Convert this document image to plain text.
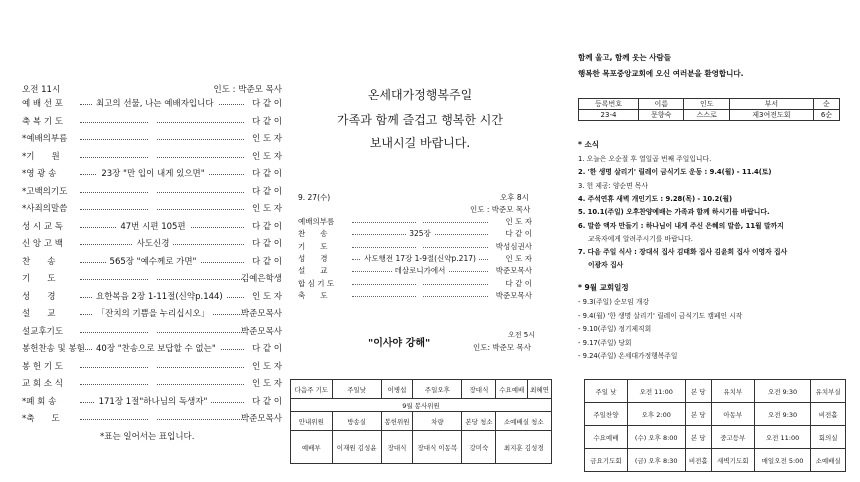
오전 11시	인도 : 박준모 목사
예 배 선 포	최고의 선물, 나는 예배자입니다	다 같 이
축 복 기 도	다 같 이
*예배의부름	인 도 자
*기　　원	인 도 자
*영 광 송	23장 "만 입이 내게 있으면"	다 같 이
*고백의기도	다 같 이
*사죄의말씀	인 도 자
성 시 교 독	47번 시편 105편	다 같 이
신 앙 고 백	사도신경	다 같 이
찬　　송	565장 "예수께로 가면"	다 같 이
기　　도	김예은학생
성　　경	요한복음 2장 1-11절(신약p.144)	인 도 자
설　　교	「잔치의 기쁨을 누리십시오」	박준모목사
설교후기도	박준모목사
봉헌찬송 및 봉헌	40장 "찬송으로 보답할 수 없는"	다 같 이
봉 헌 기 도	인 도 자
교 회 소 식	인 도 자
*폐 회 송	171장 1절"하나님의 독생자"	다 같 이
*축　　도	박준모목사
*표는 일어서는 표입니다.
온세대가정행복주일
가족과 함께 즐겁고 행복한 시간
보내시길 바랍니다.
9. 27(수)	오후 8시
인도 : 박준모 목사
예배의부름	인 도 자
찬　　송	325장	다 같 이
기　　도	박성심권사
성　　경	사도행전 17장 1-9절(신약p.217)	인 도 자
설　　교	데살로니가에서	박준모목사
합 심 기 도	다 같 이
축　　도	박준모목사
"이사야 강해"
오전 5시
인도: 박준모 목사
다음주 기도	주일낮	이병섭	주일오후	장대식	수요예배	최혜연
9월 봉사위원						
안내위원	방송실	봉헌위원	차량	본당 청소	소예배실 청소	
예배부	이재원 김성윤	장대식	장대식 이동복	강미숙	최지훈 김성경	
함께 울고, 함께 웃는 사람들
행복한 목포중앙교회에 오신 여러분을 환영합니다.
등록번호	이름	인도	부서	순
23-4	문향숙	스스로	제3여전도회	6순
* 소식
1. 오늘은 오순절 후 열일곱 번째 주일입니다.
2. '한 생명 살리기' 릴레이 금식기도 운동 : 9.4(월) - 11.4(토)
3. 헌 제공: 양순면 목사
4. 주석연휴 새벽 개인기도 : 9.28(목) - 10.2(월)
5. 10.1(주일) 오후찬양예배는 가족과 함께 하시기를 바랍니다.
6. 말씀 액자 만들기 : 하나님이 내게 주신 은혜의 말씀, 11월 말까지
교육자에게 알려주시기를 바랍니다.
7. 다음 주일 식사 : 장대식 집사 김태화 집사 김윤희 집사 이영자 집사
이광자 집사
* 9월 교회일정
- 9.3(주일) 순모임 개강
- 9.4(월) '한 생명 살리기' 릴레이 금식기도 캠페인 시작
- 9.10(주일) 정기제직회
- 9.17(주일) 당회
- 9.24(주일) 온세대가정행복주일
주일 낮	오전 11:00	본 당	유치부	오전 9:30	유치부실
주일찬양	오후 2:00	본 당	아동부	오전 9:30	비전홀
수요예배	(수) 오후 8:00	본 당	중고등부	오전 11:00	회의실
금요기도회	(금) 오후 8:30	비전홀	새벽기도회	매일오전 5:00	소예배실
